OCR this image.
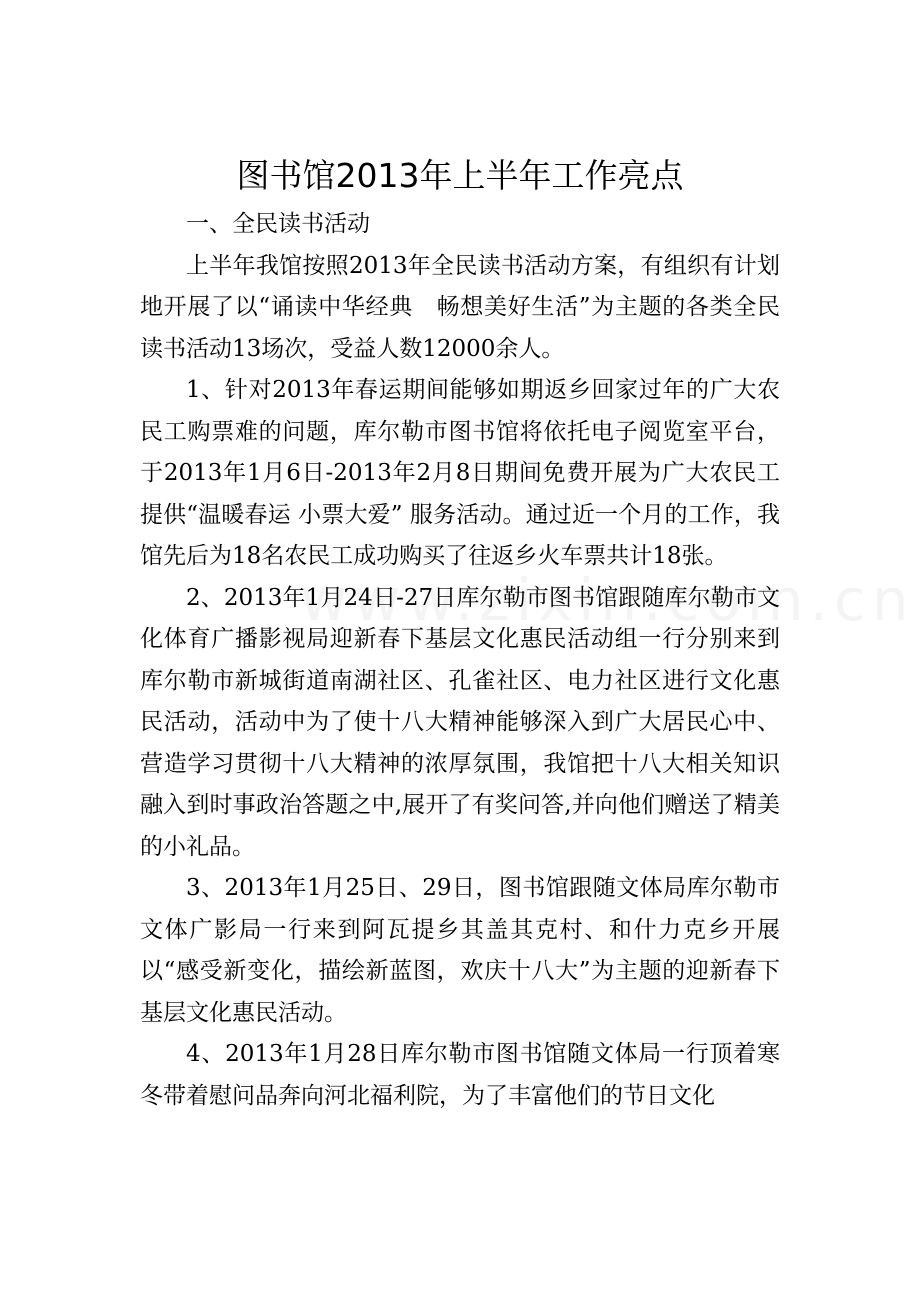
图书馆2013年上半年工作亮点

一、全民读书活动

上半年我馆按照2013年全民读书活动方案，有组织有计划地开展了以“诵读中华经典　畅想美好生活”为主题的各类全民读书活动13场次，受益人数12000余人。

1、针对2013年春运期间能够如期返乡回家过年的广大农民工购票难的问题，库尔勒市图书馆将依托电子阅览室平台，于2013年1月6日-2013年2月8日期间免费开展为广大农民工提供“温暖春运 小票大爱” 服务活动。通过近一个月的工作，我馆先后为18名农民工成功购买了往返乡火车票共计18张。

2、2013年1月24日-27日库尔勒市图书馆跟随库尔勒市文化体育广播影视局迎新春下基层文化惠民活动组一行分别来到库尔勒市新城街道南湖社区、孔雀社区、电力社区进行文化惠民活动，活动中为了使十八大精神能够深入到广大居民心中、营造学习贯彻十八大精神的浓厚氛围，我馆把十八大相关知识融入到时事政治答题之中,展开了有奖问答,并向他们赠送了精美的小礼品。

3、2013年1月25日、29日，图书馆跟随文体局库尔勒市文体广影局一行来到阿瓦提乡其盖其克村、和什力克乡开展以“感受新变化，描绘新蓝图，欢庆十八大”为主题的迎新春下基层文化惠民活动。

4、2013年1月28日库尔勒市图书馆随文体局一行顶着寒冬带着慰问品奔向河北福利院，为了丰富他们的节日文化
